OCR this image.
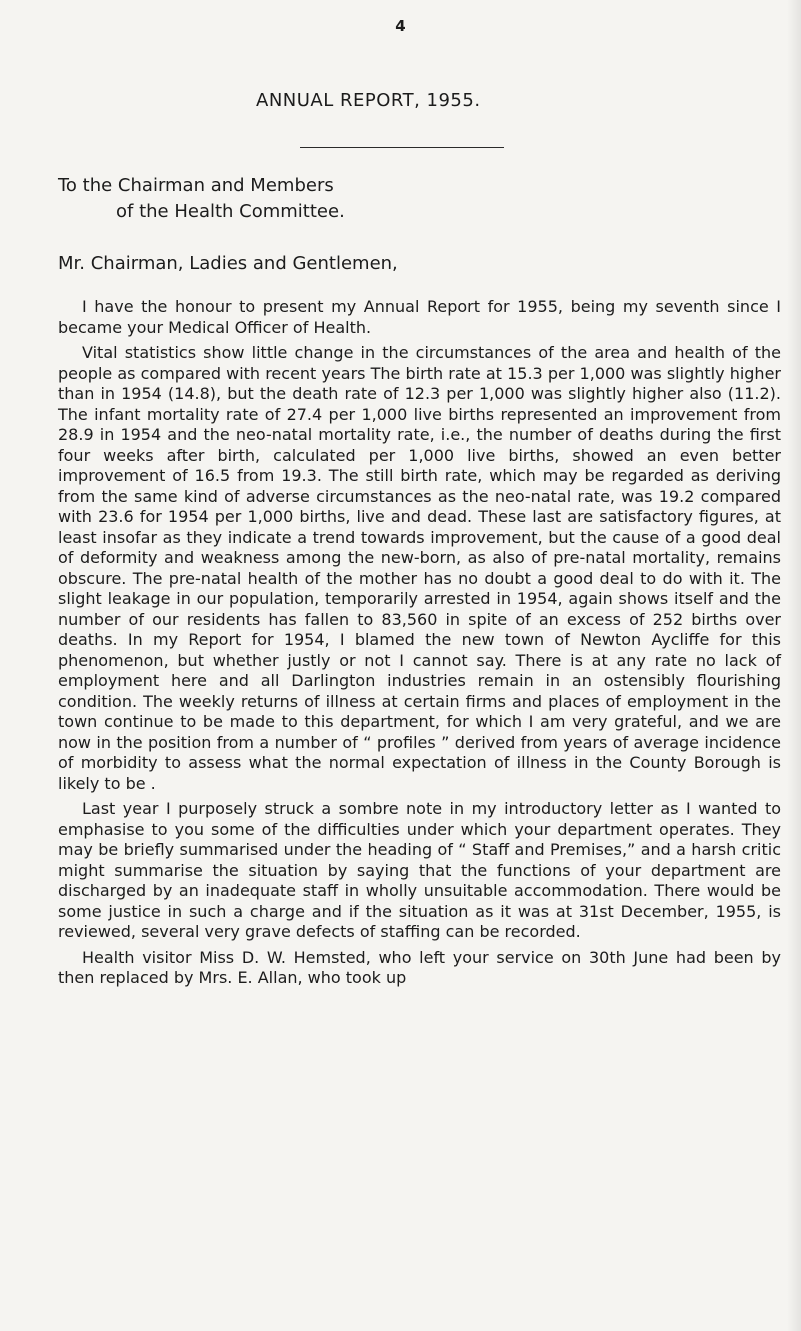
4
ANNUAL REPORT, 1955.
To the Chairman and Members
of the Health Committee.
Mr. Chairman, Ladies and Gentlemen,

I have the honour to present my Annual Report for 1955, being my seventh since I became your Medical Officer of Health.

Vital statistics show little change in the circumstances of the area and health of the people as compared with recent years The birth rate at 15.3 per 1,000 was slightly higher than in 1954 (14.8), but the death rate of 12.3 per 1,000 was slightly higher also (11.2). The infant mortality rate of 27.4 per 1,000 live births represented an improvement from 28.9 in 1954 and the neo-natal mortality rate, i.e., the number of deaths during the first four weeks after birth, calculated per 1,000 live births, showed an even better improvement of 16.5 from 19.3. The still birth rate, which may be regarded as deriving from the same kind of adverse circumstances as the neo-natal rate, was 19.2 compared with 23.6 for 1954 per 1,000 births, live and dead. These last are satisfactory figures, at least insofar as they indicate a trend towards improvement, but the cause of a good deal of deformity and weakness among the new-born, as also of pre-natal mortality, remains obscure. The pre-natal health of the mother has no doubt a good deal to do with it. The slight leakage in our population, temporarily arrested in 1954, again shows itself and the number of our residents has fallen to 83,560 in spite of an excess of 252 births over deaths. In my Report for 1954, I blamed the new town of Newton Aycliffe for this phenomenon, but whether justly or not I cannot say. There is at any rate no lack of employment here and all Darlington industries remain in an ostensibly flourishing condition. The weekly returns of illness at certain firms and places of employment in the town continue to be made to this department, for which I am very grateful, and we are now in the position from a number of “ profiles ” derived from years of average incidence of morbidity to assess what the normal expectation of illness in the County Borough is likely to be .

Last year I purposely struck a sombre note in my introductory letter as I wanted to emphasise to you some of the difficulties under which your department operates. They may be briefly summarised under the heading of “ Staff and Premises,” and a harsh critic might summarise the situation by saying that the functions of your department are discharged by an inadequate staff in wholly unsuitable accommodation. There would be some justice in such a charge and if the situation as it was at 31st December, 1955, is reviewed, several very grave defects of staffing can be recorded.

Health visitor Miss D. W. Hemsted, who left your service on 30th June had been by then replaced by Mrs. E. Allan, who took up
